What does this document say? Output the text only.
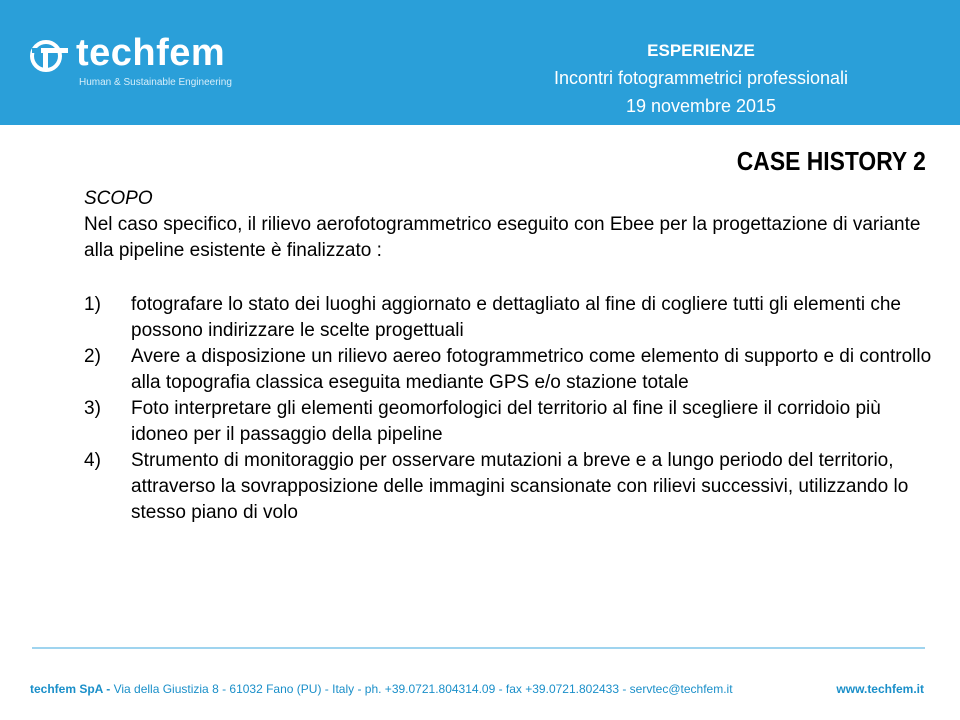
techfem
Human & Sustainable Engineering
ESPERIENZE
Incontri fotogrammetrici professionali
19 novembre 2015
CASE HISTORY 2
SCOPO

Nel caso specifico, il rilievo aerofotogrammetrico eseguito con Ebee per la progettazione di variante alla pipeline esistente è finalizzato :

1)	fotografare lo stato dei luoghi aggiornato e dettagliato al fine di cogliere tutti gli elementi che possono indirizzare le scelte progettuali
2)	Avere a disposizione un rilievo aereo fotogrammetrico come elemento di supporto e di controllo alla topografia classica eseguita mediante GPS e/o stazione totale
3)	Foto interpretare gli elementi geomorfologici del territorio al fine il scegliere il corridoio più idoneo per il passaggio della pipeline
4)	Strumento di monitoraggio per osservare mutazioni a breve e a lungo periodo del territorio, attraverso la sovrapposizione delle immagini scansionate con rilievi successivi, utilizzando lo stesso piano di volo
techfem SpA - Via della Giustizia 8 - 61032 Fano (PU) - Italy - ph. +39.0721.804314.09 - fax +39.0721.802433 - servtec@techfem.it	www.techfem.it
